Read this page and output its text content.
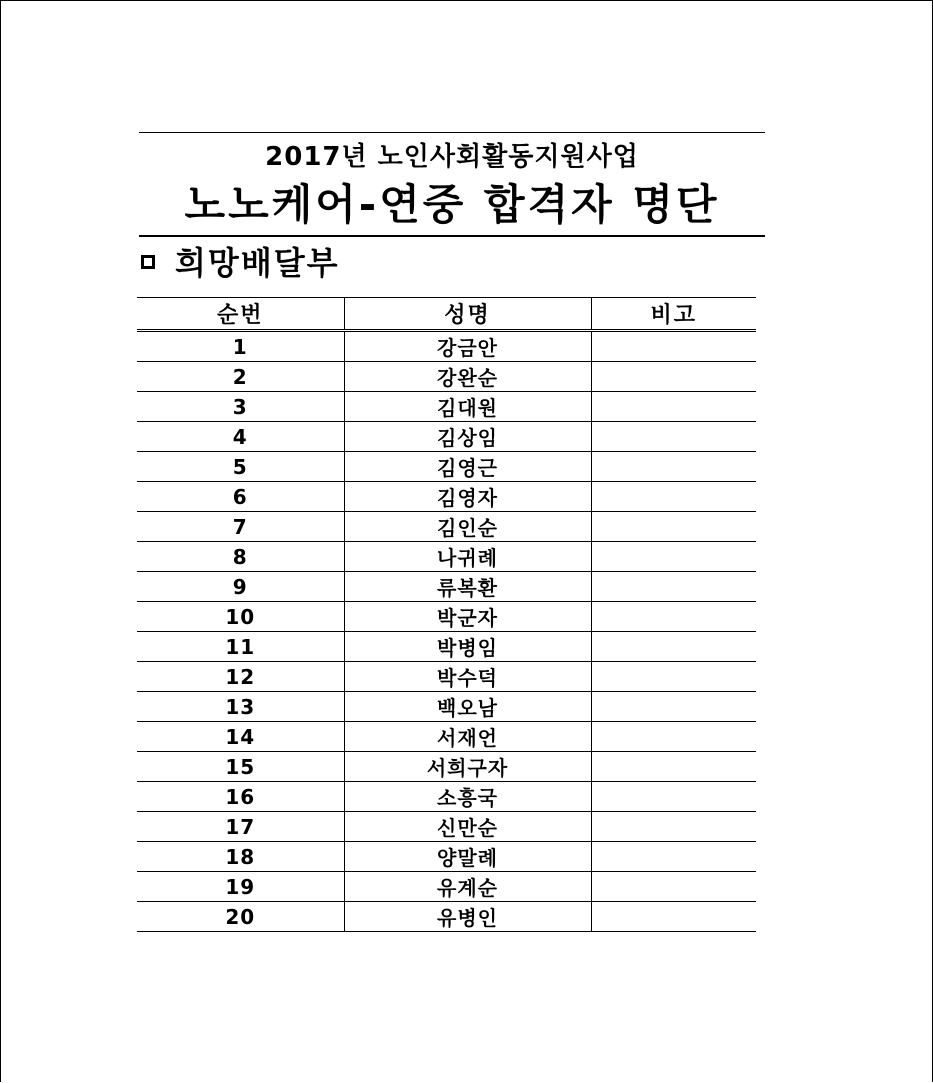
2017년 노인사회활동지원사업
노노케어-연중 합격자 명단
희망배달부
순번	성명	비고
1	강금안	
2	강완순	
3	김대원	
4	김상임	
5	김영근	
6	김영자	
7	김인순	
8	나귀례	
9	류복환	
10	박군자	
11	박병임	
12	박수덕	
13	백오남	
14	서재언	
15	서희구자	
16	소흥국	
17	신만순	
18	양말례	
19	유계순	
20	유병인	
